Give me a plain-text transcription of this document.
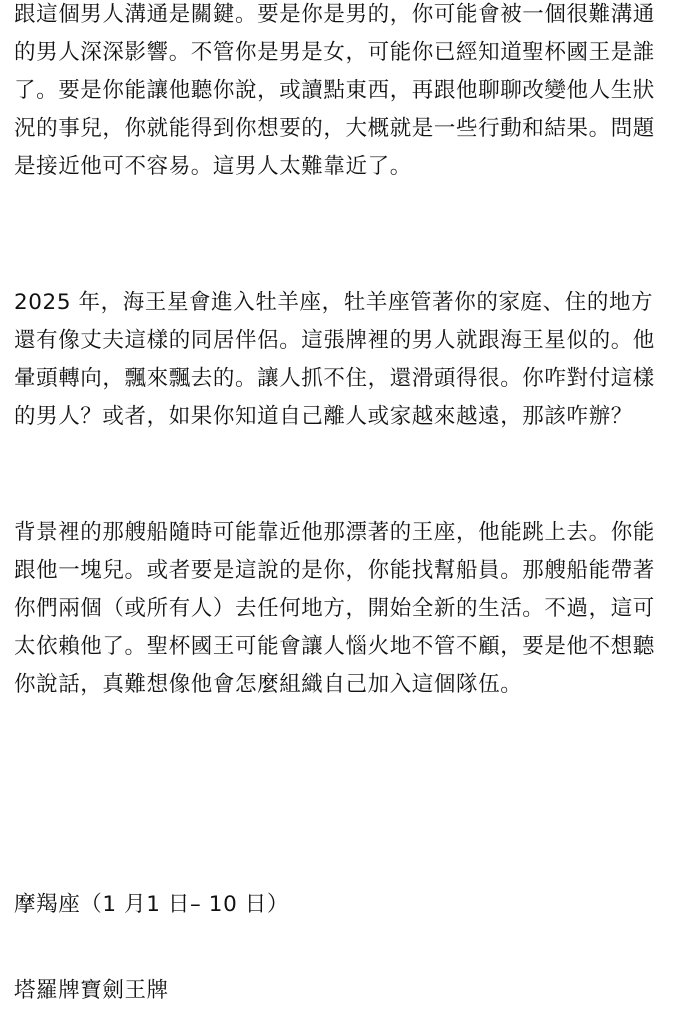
跟這個男人溝通是關鍵。要是你是男的，你可能會被一個很難溝通的男人深深影響。不管你是男是女，可能你已經知道聖杯國王是誰了。要是你能讓他聽你說，或讀點東西，再跟他聊聊改變他人生狀況的事兒，你就能得到你想要的，大概就是一些行動和結果。問題是接近他可不容易。這男人太難靠近了。

2025 年，海王星會進入牡羊座，牡羊座管著你的家庭、住的地方還有像丈夫這樣的同居伴侶。這張牌裡的男人就跟海王星似的。他暈頭轉向，飄來飄去的。讓人抓不住，還滑頭得很。你咋對付這樣的男人？或者，如果你知道自己離人或家越來越遠，那該咋辦？

背景裡的那艘船隨時可能靠近他那漂著的王座，他能跳上去。你能跟他一塊兒。或者要是這說的是你，你能找幫船員。那艘船能帶著你們兩個（或所有人）去任何地方，開始全新的生活。不過，這可太依賴他了。聖杯國王可能會讓人惱火地不管不顧，要是他不想聽你說話，真難想像他會怎麼組織自己加入這個隊伍。

摩羯座（1 月1 日– 10 日）

塔羅牌寶劍王牌
